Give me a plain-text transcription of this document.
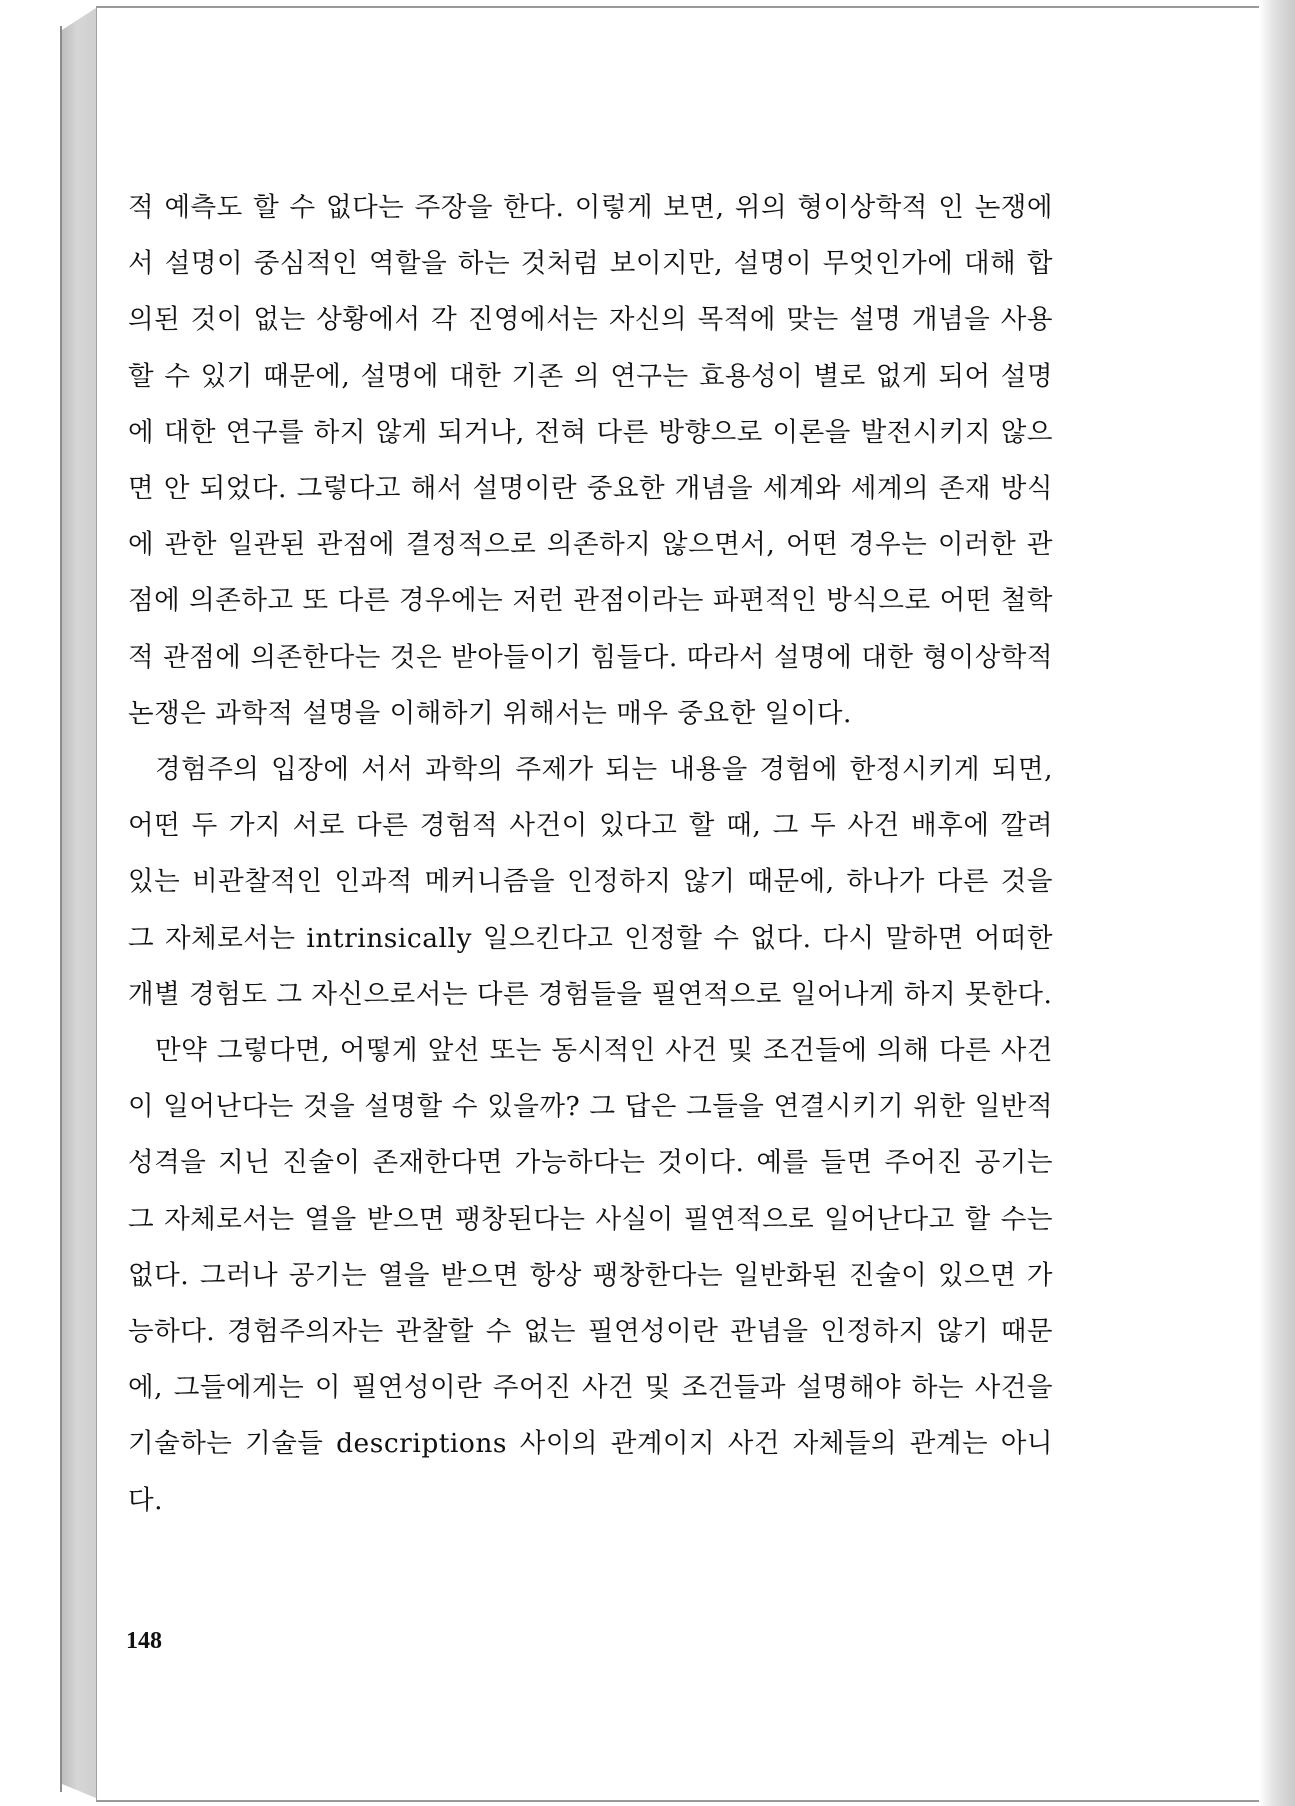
적 예측도 할 수 없다는 주장을 한다. 이렇게 보면, 위의 형이상학적 인 논쟁에서 설명이 중심적인 역할을 하는 것처럼 보이지만, 설명이 무엇인가에 대해 합의된 것이 없는 상황에서 각 진영에서는 자신의 목적에 맞는 설명 개념을 사용할 수 있기 때문에, 설명에 대한 기존 의 연구는 효용성이 별로 없게 되어 설명에 대한 연구를 하지 않게 되거나, 전혀 다른 방향으로 이론을 발전시키지 않으면 안 되었다. 그렇다고 해서 설명이란 중요한 개념을 세계와 세계의 존재 방식에 관한 일관된 관점에 결정적으로 의존하지 않으면서, 어떤 경우는 이러한 관점에 의존하고 또 다른 경우에는 저런 관점이라는 파편적인 방식으로 어떤 철학적 관점에 의존한다는 것은 받아들이기 힘들다. 따라서 설명에 대한 형이상학적 논쟁은 과학적 설명을 이해하기 위해서는 매우 중요한 일이다.

경험주의 입장에 서서 과학의 주제가 되는 내용을 경험에 한정시키게 되면, 어떤 두 가지 서로 다른 경험적 사건이 있다고 할 때, 그 두 사건 배후에 깔려 있는 비관찰적인 인과적 메커니즘을 인정하지 않기 때문에, 하나가 다른 것을 그 자체로서는 intrinsically 일으킨다고 인정할 수 없다. 다시 말하면 어떠한 개별 경험도 그 자신으로서는 다른 경험들을 필연적으로 일어나게 하지 못한다.

만약 그렇다면, 어떻게 앞선 또는 동시적인 사건 및 조건들에 의해 다른 사건이 일어난다는 것을 설명할 수 있을까? 그 답은 그들을 연결시키기 위한 일반적 성격을 지닌 진술이 존재한다면 가능하다는 것이다. 예를 들면 주어진 공기는 그 자체로서는 열을 받으면 팽창된다는 사실이 필연적으로 일어난다고 할 수는 없다. 그러나 공기는 열을 받으면 항상 팽창한다는 일반화된 진술이 있으면 가능하다. 경험주의자는 관찰할 수 없는 필연성이란 관념을 인정하지 않기 때문에, 그들에게는 이 필연성이란 주어진 사건 및 조건들과 설명해야 하는 사건을 기술하는 기술들 descriptions 사이의 관계이지 사건 자체들의 관계는 아니다.

148
